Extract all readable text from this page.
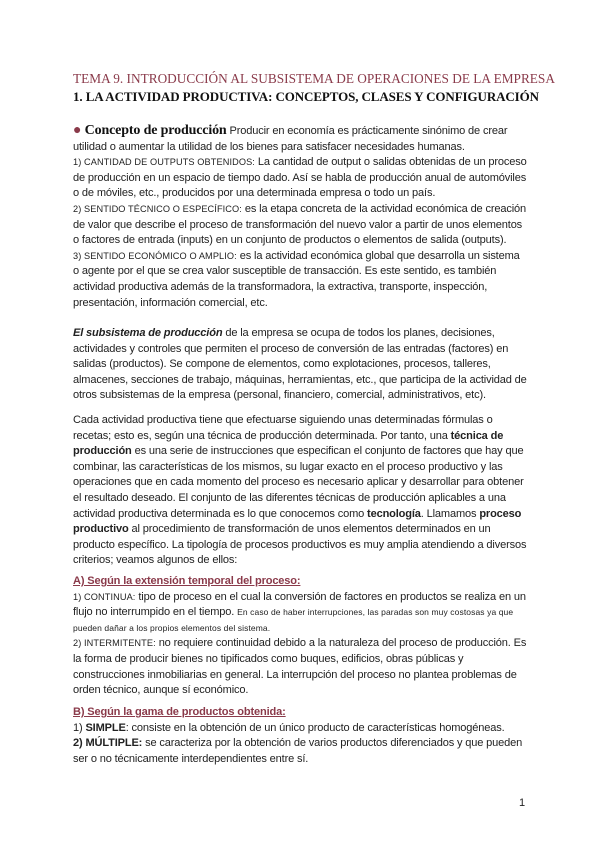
TEMA 9. INTRODUCCIÓN AL SUBSISTEMA DE OPERACIONES DE LA EMPRESA
1. LA ACTIVIDAD PRODUCTIVA: CONCEPTOS, CLASES Y CONFIGURACIÓN
● Concepto de producción Producir en economía es prácticamente sinónimo de crear utilidad o aumentar la utilidad de los bienes para satisfacer necesidades humanas.
1) CANTIDAD DE OUTPUTS OBTENIDOS: La cantidad de output o salidas obtenidas de un proceso de producción en un espacio de tiempo dado. Así se habla de producción anual de automóviles o de móviles, etc., producidos por una determinada empresa o todo un país.
2) SENTIDO TÉCNICO O ESPECÍFICO: es la etapa concreta de la actividad económica de creación de valor que describe el proceso de transformación del nuevo valor a partir de unos elementos o factores de entrada (inputs) en un conjunto de productos o elementos de salida (outputs).
3) SENTIDO ECONÓMICO O AMPLIO: es la actividad económica global que desarrolla un sistema o agente por el que se crea valor susceptible de transacción. Es este sentido, es también actividad productiva además de la transformadora, la extractiva, transporte, inspección, presentación, información comercial, etc.
El subsistema de producción de la empresa se ocupa de todos los planes, decisiones, actividades y controles que permiten el proceso de conversión de las entradas (factores) en salidas (productos). Se compone de elementos, como explotaciones, procesos, talleres, almacenes, secciones de trabajo, máquinas, herramientas, etc., que participa de la actividad de otros subsistemas de la empresa (personal, financiero, comercial, administrativos, etc).
Cada actividad productiva tiene que efectuarse siguiendo unas determinadas fórmulas o recetas; esto es, según una técnica de producción determinada. Por tanto, una técnica de producción es una serie de instrucciones que especifican el conjunto de factores que hay que combinar, las características de los mismos, su lugar exacto en el proceso productivo y las operaciones que en cada momento del proceso es necesario aplicar y desarrollar para obtener el resultado deseado. El conjunto de las diferentes técnicas de producción aplicables a una actividad productiva determinada es lo que conocemos como tecnología. Llamamos proceso productivo al procedimiento de transformación de unos elementos determinados en un producto específico. La tipología de procesos productivos es muy amplia atendiendo a diversos criterios; veamos algunos de ellos:
A) Según la extensión temporal del proceso:
1) CONTINUA: tipo de proceso en el cual la conversión de factores en productos se realiza en un flujo no interrumpido en el tiempo. En caso de haber interrupciones, las paradas son muy costosas ya que pueden dañar a los propios elementos del sistema.
2) INTERMITENTE: no requiere continuidad debido a la naturaleza del proceso de producción. Es la forma de producir bienes no tipificados como buques, edificios, obras públicas y construcciones inmobiliarias en general. La interrupción del proceso no plantea problemas de orden técnico, aunque sí económico.
B) Según la gama de productos obtenida:
1) SIMPLE: consiste en la obtención de un único producto de características homogéneas.
2) MÚLTIPLE: se caracteriza por la obtención de varios productos diferenciados y que pueden ser o no técnicamente interdependientes entre sí.
1
